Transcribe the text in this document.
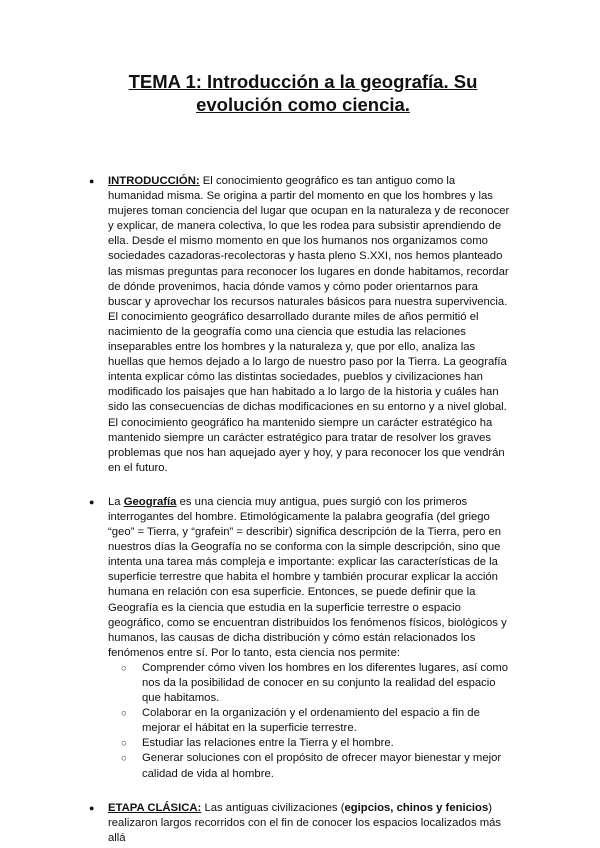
TEMA 1: Introducción a la geografía. Su
evolución como ciencia.
● INTRODUCCIÓN: El conocimiento geográfico es tan antiguo como la humanidad misma. Se origina a partir del momento en que los hombres y las mujeres toman conciencia del lugar que ocupan en la naturaleza y de reconocer y explicar, de manera colectiva, lo que les rodea para subsistir aprendiendo de ella. Desde el mismo momento en que los humanos nos organizamos como sociedades cazadoras-recolectoras y hasta pleno S.XXI, nos hemos planteado las mismas preguntas para reconocer los lugares en donde habitamos, recordar de dónde provenimos, hacia dónde vamos y cómo poder orientarnos para buscar y aprovechar los recursos naturales básicos para nuestra supervivencia.

El conocimiento geográfico desarrollado durante miles de años permitió el nacimiento de la geografía como una ciencia que estudia las relaciones inseparables entre los hombres y la naturaleza y, que por ello, analiza las huellas que hemos dejado a lo largo de nuestro paso por la Tierra. La geografía intenta explicar cómo las distintas sociedades, pueblos y civilizaciones han modificado los paisajes que han habitado a lo largo de la historia y cuáles han sido las consecuencias de dichas modificaciones en su entorno y a nivel global. El conocimiento geográfico ha mantenido siempre un carácter estratégico ha mantenido siempre un carácter estratégico para tratar de resolver los graves problemas que nos han aquejado ayer y hoy, y para reconocer los que vendrán en el futuro.

● La Geografía es una ciencia muy antigua, pues surgió con los primeros interrogantes del hombre. Etimológicamente la palabra geografía (del griego “geo” = Tierra, y “grafein” = describir) significa descripción de la Tierra, pero en nuestros días la Geografía no se conforma con la simple descripción, sino que intenta una tarea más compleja e importante: explicar las características de la superficie terrestre que habita el hombre y también procurar explicar la acción humana en relación con esa superficie. Entonces, se puede definir que la Geografía es la ciencia que estudia en la superficie terrestre o espacio geográfico, como se encuentran distribuidos los fenómenos físicos, biológicos y humanos, las causas de dicha distribución y cómo están relacionados los fenómenos entre sí. Por lo tanto, esta ciencia nos permite:

○ Comprender cómo viven los hombres en los diferentes lugares, así como nos da la posibilidad de conocer en su conjunto la realidad del espacio que habitamos.
○ Colaborar en la organización y el ordenamiento del espacio a fin de mejorar el hábitat en la superficie terrestre.
○ Estudiar las relaciones entre la Tierra y el hombre.
○ Generar soluciones con el propósito de ofrecer mayor bienestar y mejor calidad de vida al hombre.
● ETAPA CLÁSICA: Las antiguas civilizaciones (egipcios, chinos y fenicios) realizaron largos recorridos con el fin de conocer los espacios localizados más allá
